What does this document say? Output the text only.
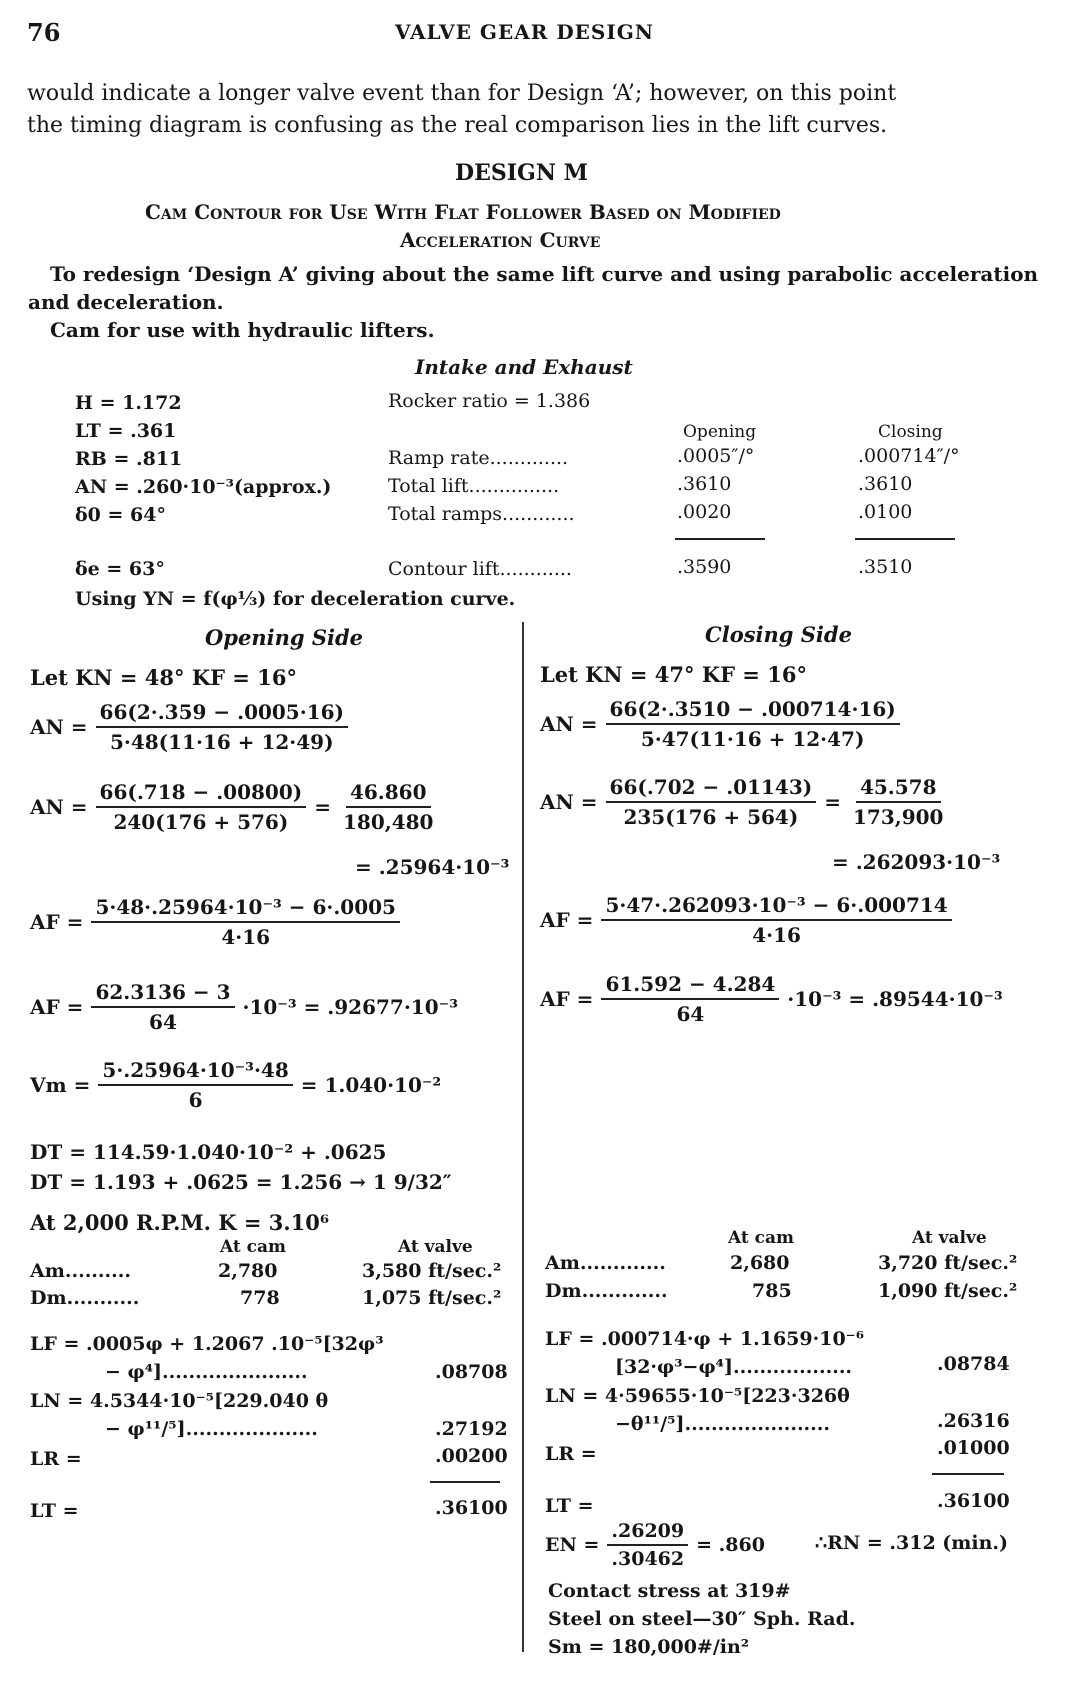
76	VALVE GEAR DESIGN
would indicate a longer valve event than for Design ‘A’; however, on this point
the timing diagram is confusing as the real comparison lies in the lift curves.
DESIGN M
Cam Contour for Use With Flat Follower Based on Modified
Acceleration Curve
To redesign ‘Design A’ giving about the same lift curve and using parabolic acceleration
and deceleration.
Cam for use with hydraulic lifters.
Intake and Exhaust
H = 1.172
LT = .361
RB = .811
AN = .260·10⁻³(approx.)
δ0 = 64°
δe = 63°
Rocker ratio = 1.386
Opening	Closing
Ramp rate.............	.0005″/°	.000714″/°
Total lift...............	.3610	.3610
Total ramps............	.0020	.0100
Contour lift............	.3590	.3510
Using YN = f(φ⅓) for deceleration curve.
Opening Side
Let KN = 48° KF = 16°
AN = $\frac{66(2\cdot.359 - .0005\cdot 16)}{5\cdot 48(11\cdot 16 + 12\cdot 49)}$
AN = $\frac{66(.718 - .00800)}{240(176 + 576)} = \frac{46.860}{180,480}$
= .25964·10⁻³
AF = $\frac{\text{5·48·.25964·10⁻³ − 6·.0005}}{4\cdot 16}$
AF = $\frac{62.3136 - 3}{64} \cdot 10^{-3} = .92677\cdot 10^{-3}$
$Vm = \frac{\text{5·.25964·10⁻³·48}}{6} = 1.040\cdot 10^{-2}$
DT = 114.59·1.040·10⁻² + .0625
DT = 1.193 + .0625 = 1.256 → 1 9/32″
At 2,000 R.P.M. K = 3.10⁶
At cam	At valve
Am..........	2,780	3,580 ft/sec.²
Dm...........	778	1,075 ft/sec.²
LF = .0005φ + 1.2067 .10⁻⁵[32φ³
− φ⁴]......................	.08708
LN = 4.5344·10⁻⁵[229.040 θ
− φ¹¹/⁵]....................	.27192
LR =	.00200
LT =	.36100
Closing Side
Let KN = 47° KF = 16°
AN = $\frac{66(2\cdot.3510 - .000714\cdot 16)}{5\cdot 47(11\cdot 16 + 12\cdot 47)}$
AN = $\frac{66(.702 - .01143)}{235(176 + 564)} = \frac{45.578}{173,900}$
= .262093·10⁻³
AF = $\frac{\text{5·47·.262093·10⁻³ − 6·.000714}}{4\cdot 16}$
AF = $\frac{61.592 - 4.284}{64} \cdot 10^{-3} = .89544\cdot 10^{-3}$
At cam	At valve
Am.............	2,680	3,720 ft/sec.²
Dm.............	785	1,090 ft/sec.²
LF = .000714·φ + 1.1659·10⁻⁶
[32·φ³−φ⁴]..................	.08784
LN = 4·59655·10⁻⁵[223·326θ
−θ¹¹/⁵]......................	.26316
LR =	.01000
LT =	.36100
EN = $\frac{.26209}{.30462} = .860$	∴RN = .312 (min.)
Contact stress at 319#
Steel on steel—30″ Sph. Rad.
Sm = 180,000#/in²
